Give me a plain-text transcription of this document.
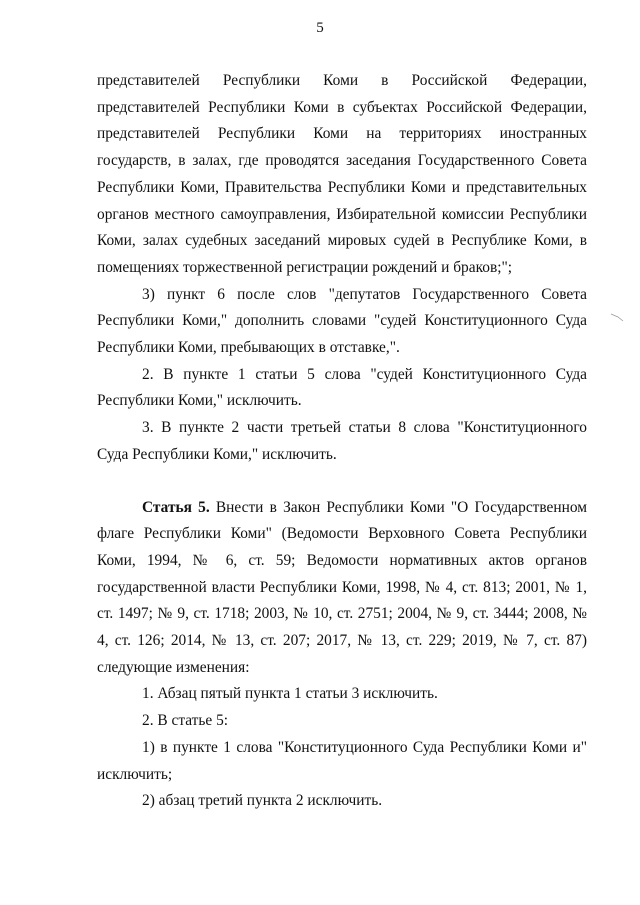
5

представителей Республики Коми в Российской Федерации, представителей Республики Коми в субъектах Российской Федерации, представителей Республики Коми на территориях иностранных государств, в залах, где проводятся заседания Государственного Совета Республики Коми, Правительства Республики Коми и представительных органов местного самоуправления, Избирательной комиссии Республики Коми, залах судебных заседаний мировых судей в Республике Коми, в помещениях торжественной регистрации рождений и браков;";

3) пункт 6 после слов "депутатов Государственного Совета Республики Коми," дополнить словами "судей Конституционного Суда Республики Коми, пребывающих в отставке,".

2. В пункте 1 статьи 5 слова "судей Конституционного Суда Республики Коми," исключить.

3. В пункте 2 части третьей статьи 8 слова "Конституционного Суда Республики Коми," исключить.

Статья 5. Внести в Закон Республики Коми "О Государственном флаге Республики Коми" (Ведомости Верховного Совета Республики Коми, 1994, № 6, ст. 59; Ведомости нормативных актов органов государственной власти Республики Коми, 1998, № 4, ст. 813; 2001, № 1, ст. 1497; № 9, ст. 1718; 2003, № 10, ст. 2751; 2004, № 9, ст. 3444; 2008, № 4, ст. 126; 2014, № 13, ст. 207; 2017, № 13, ст. 229; 2019, № 7, ст. 87) следующие изменения:

1. Абзац пятый пункта 1 статьи 3 исключить.

2. В статье 5:

1) в пункте 1 слова "Конституционного Суда Республики Коми и" исключить;

2) абзац третий пункта 2 исключить.
